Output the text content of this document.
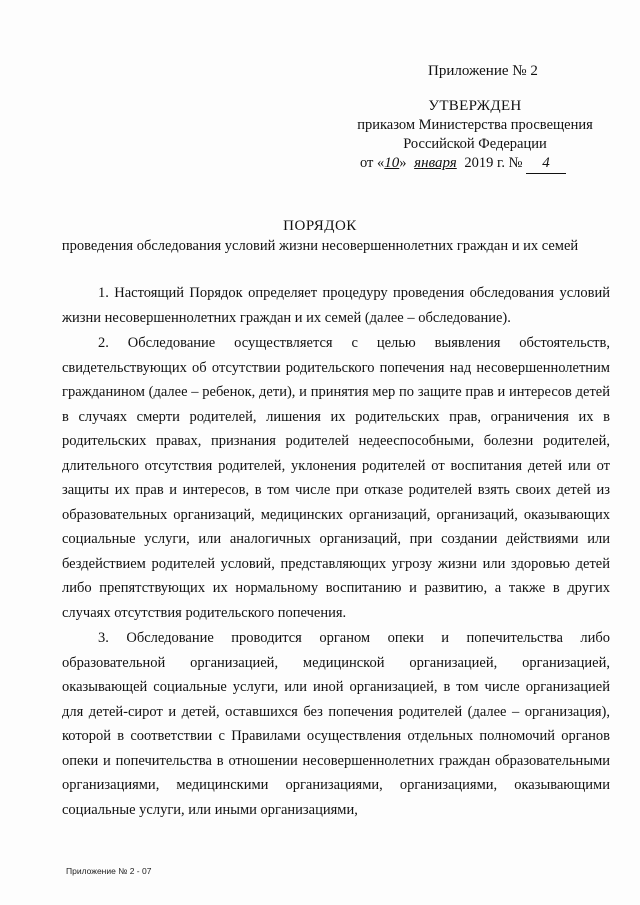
Приложение № 2
УТВЕРЖДЕН
приказом Министерства просвещения
Российской Федерации
от «10» января 2019 г. № 4
ПОРЯДОК
проведения обследования условий жизни несовершеннолетних граждан и их семей

1. Настоящий Порядок определяет процедуру проведения обследования условий жизни несовершеннолетних граждан и их семей (далее – обследование).

2. Обследование осуществляется с целью выявления обстоятельств, свидетельствующих об отсутствии родительского попечения над несовершеннолетним гражданином (далее – ребенок, дети), и принятия мер по защите прав и интересов детей в случаях смерти родителей, лишения их родительских прав, ограничения их в родительских правах, признания родителей недееспособными, болезни родителей, длительного отсутствия родителей, уклонения родителей от воспитания детей или от защиты их прав и интересов, в том числе при отказе родителей взять своих детей из образовательных организаций, медицинских организаций, организаций, оказывающих социальные услуги, или аналогичных организаций, при создании действиями или бездействием родителей условий, представляющих угрозу жизни или здоровью детей либо препятствующих их нормальному воспитанию и развитию, а также в других случаях отсутствия родительского попечения.

3. Обследование проводится органом опеки и попечительства либо образовательной организацией, медицинской организацией, организацией, оказывающей социальные услуги, или иной организацией, в том числе организацией для детей-сирот и детей, оставшихся без попечения родителей (далее – организация), которой в соответствии с Правилами осуществления отдельных полномочий органов опеки и попечительства в отношении несовершеннолетних граждан образовательными организациями, медицинскими организациями, организациями, оказывающими социальные услуги, или иными организациями,

Приложение № 2 - 07
